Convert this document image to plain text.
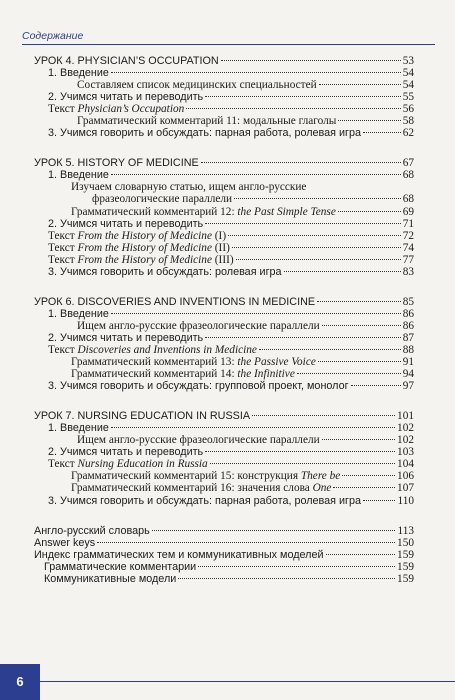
Содержание
УРОК 4. PHYSICIAN’S OCCUPATION	53
1. Введение	54
Составляем список медицинских специальностей	54
2. Учимся читать и переводить	55
Текст Physician’s Occupation	56
Грамматический комментарий 11: модальные глаголы	58
3. Учимся говорить и обсуждать: парная работа, ролевая игра	62
УРОК 5. HISTORY OF MEDICINE	67
1. Введение	68
Изучаем словарную статью, ищем англо-русские
фразеологические параллели	68
Грамматический комментарий 12: the Past Simple Tense	69
2. Учимся читать и переводить	71
Текст From the History of Medicine (I)	72
Текст From the History of Medicine (II)	74
Текст From the History of Medicine (III)	77
3. Учимся говорить и обсуждать: ролевая игра	83
УРОК 6. DISCOVERIES AND INVENTIONS IN MEDICINE	85
1. Введение	86
Ищем англо-русские фразеологические параллели	86
2. Учимся читать и переводить	87
Текст Discoveries and Inventions in Medicine	88
Грамматический комментарий 13: the Passive Voice	91
Грамматический комментарий 14: the Infinitive	94
3. Учимся говорить и обсуждать: групповой проект, монолог	97
УРОК 7. NURSING EDUCATION IN RUSSIA	101
1. Введение	102
Ищем англо-русские фразеологические параллели	102
2. Учимся читать и переводить	103
Текст Nursing Education in Russia	104
Грамматический комментарий 15: конструкция There be	106
Грамматический комментарий 16: значения слова One	107
3. Учимся говорить и обсуждать: парная работа, ролевая игра	110
Англо-русский словарь	113
Answer keys	150
Индекс грамматических тем и коммуникативных моделей	159
Грамматические комментарии	159
Коммуникативные модели	159
6
